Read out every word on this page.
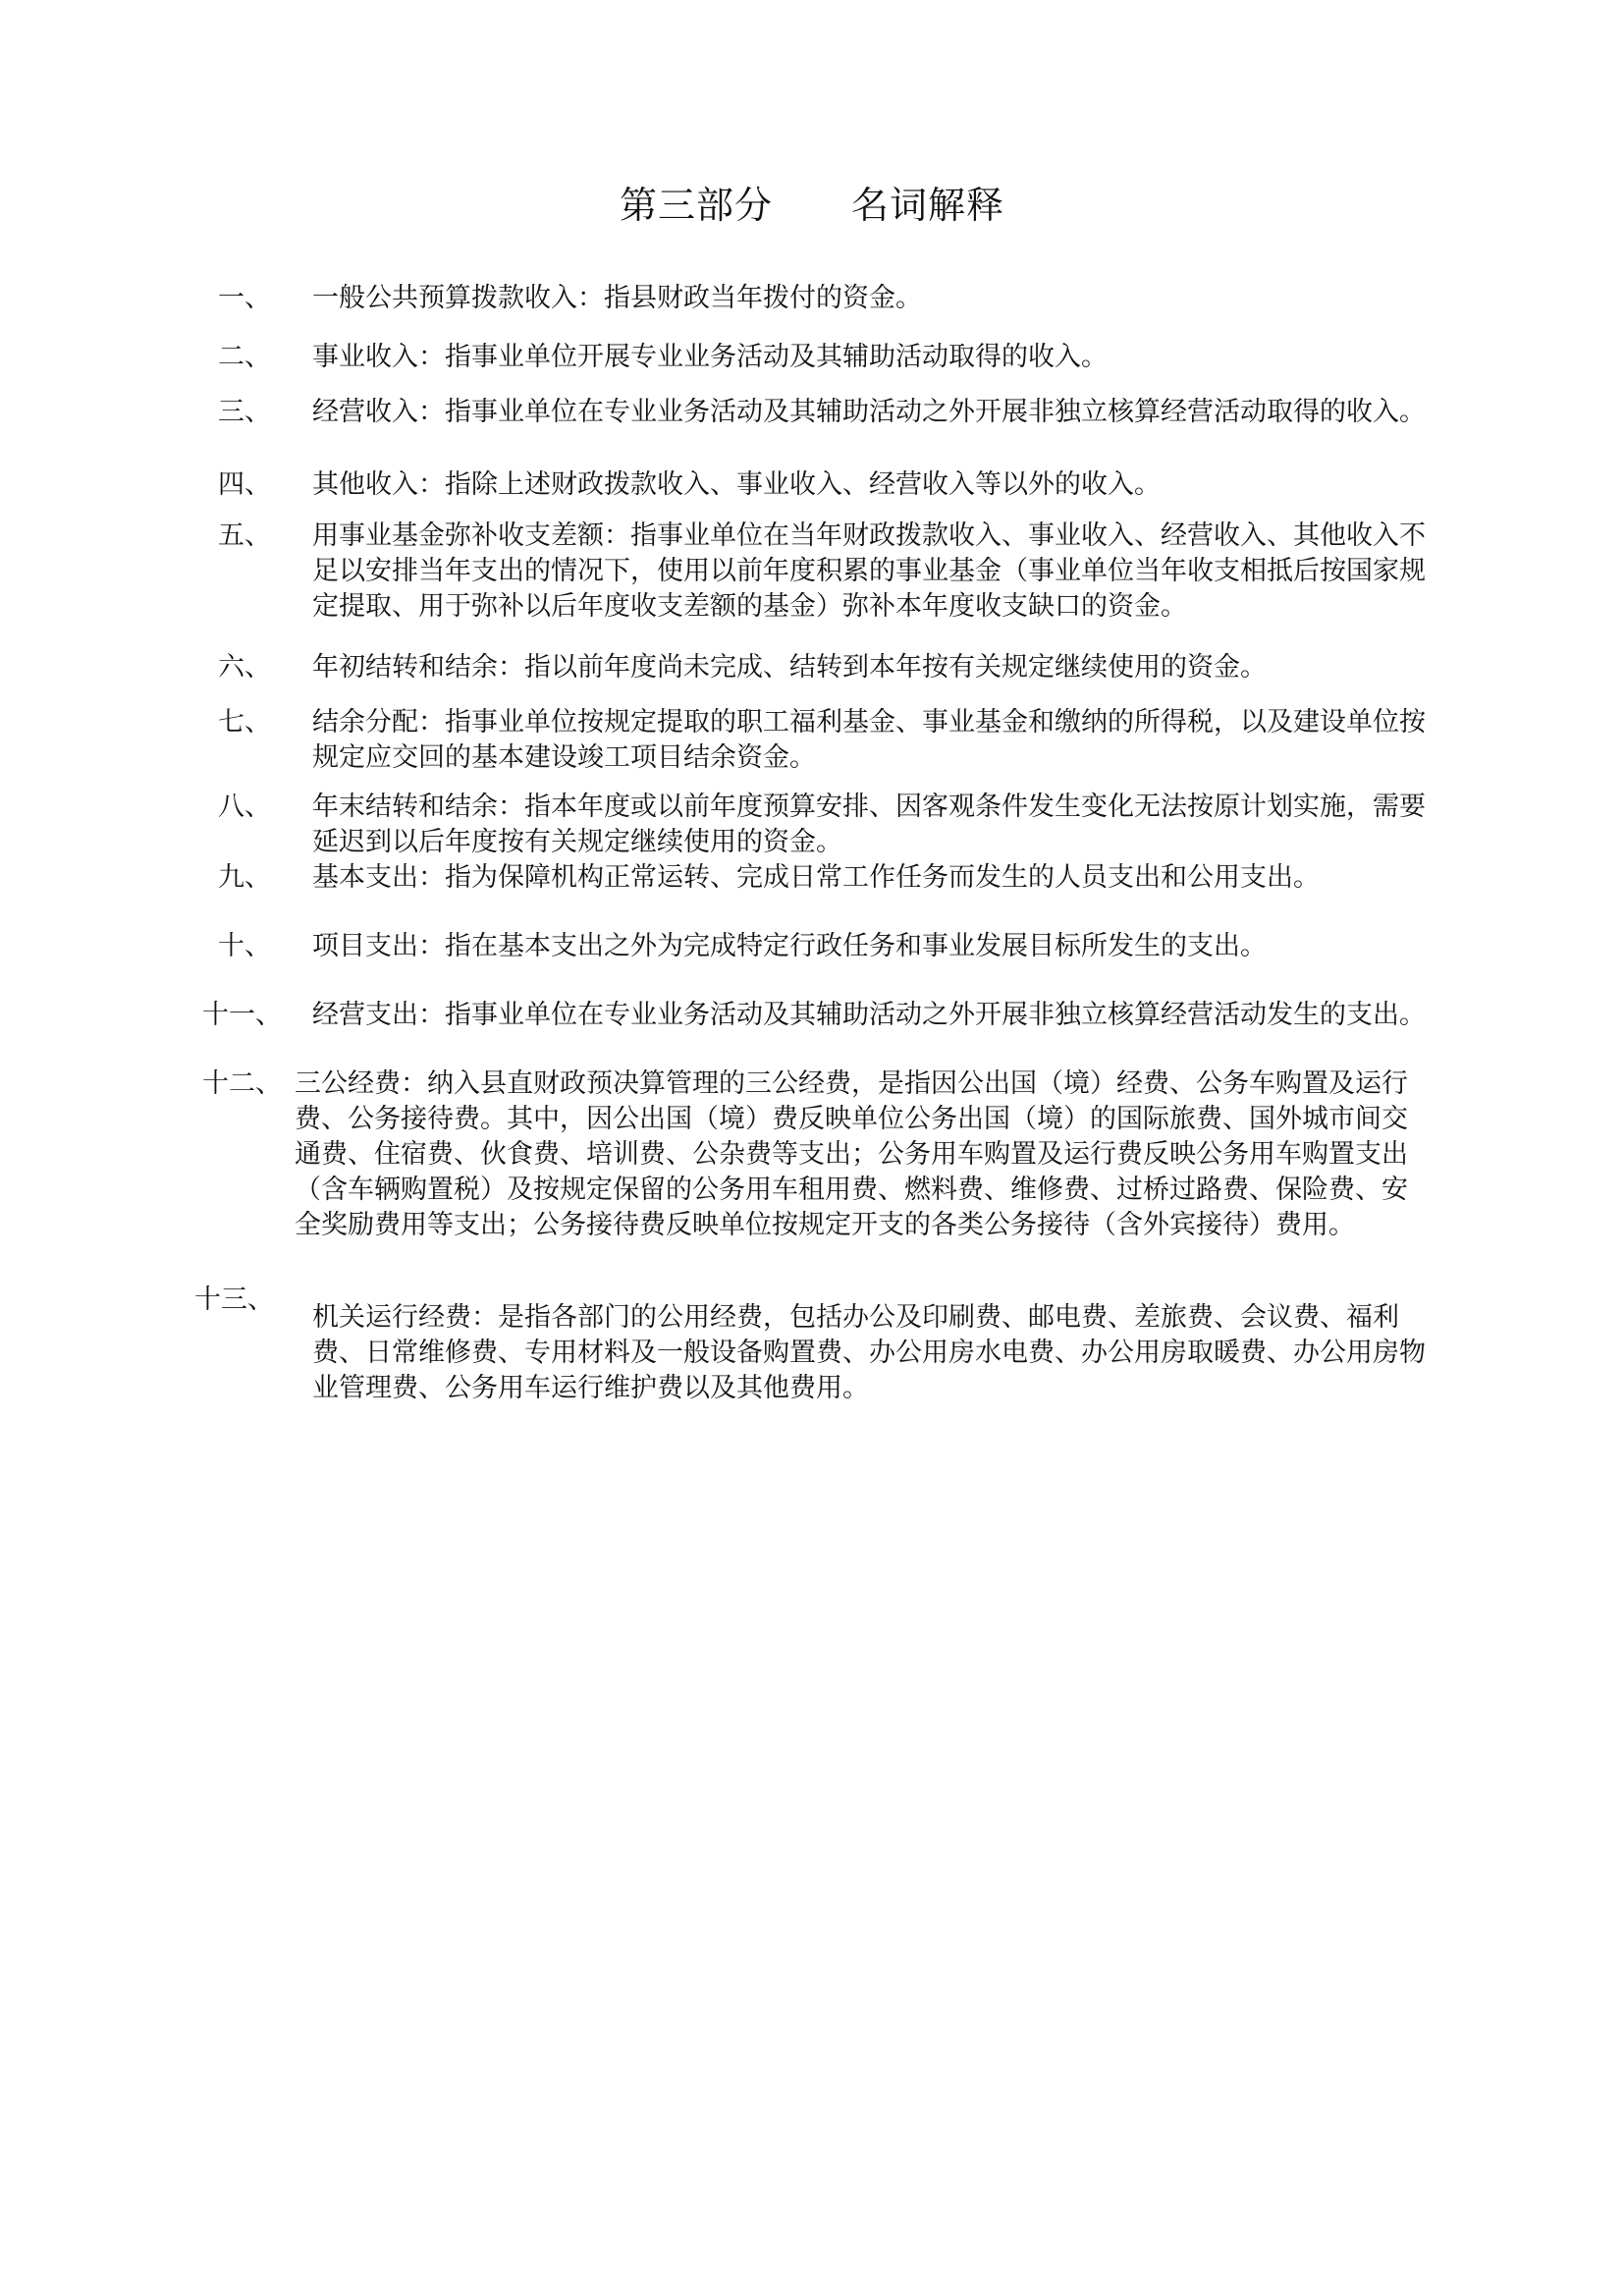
第三部分 名词解释
一、 一般公共预算拨款收入：指县财政当年拨付的资金。
二、 事业收入：指事业单位开展专业业务活动及其辅助活动取得的收入。
三、 经营收入：指事业单位在专业业务活动及其辅助活动之外开展非独立核算经营活动取得的收入。
四、 其他收入：指除上述财政拨款收入、事业收入、经营收入等以外的收入。
五、 用事业基金弥补收支差额：指事业单位在当年财政拨款收入、事业收入、经营收入、其他收入不足以安排当年支出的情况下，使用以前年度积累的事业基金（事业单位当年收支相抵后按国家规定提取、用于弥补以后年度收支差额的基金）弥补本年度收支缺口的资金。
六、 年初结转和结余：指以前年度尚未完成、结转到本年按有关规定继续使用的资金。
七、 结余分配：指事业单位按规定提取的职工福利基金、事业基金和缴纳的所得税，以及建设单位按规定应交回的基本建设竣工项目结余资金。
八、 年末结转和结余：指本年度或以前年度预算安排、因客观条件发生变化无法按原计划实施，需要延迟到以后年度按有关规定继续使用的资金。
九、 基本支出：指为保障机构正常运转、完成日常工作任务而发生的人员支出和公用支出。
十、 项目支出：指在基本支出之外为完成特定行政任务和事业发展目标所发生的支出。
十一、 经营支出：指事业单位在专业业务活动及其辅助活动之外开展非独立核算经营活动发生的支出。
十二、 三公经费：纳入县直财政预决算管理的三公经费，是指因公出国（境）经费、公务车购置及运行费、公务接待费。其中，因公出国（境）费反映单位公务出国（境）的国际旅费、国外城市间交通费、住宿费、伙食费、培训费、公杂费等支出；公务用车购置及运行费反映公务用车购置支出（含车辆购置税）及按规定保留的公务用车租用费、燃料费、维修费、过桥过路费、保险费、安全奖励费用等支出；公务接待费反映单位按规定开支的各类公务接待（含外宾接待）费用。
十三、
机关运行经费：是指各部门的公用经费，包括办公及印刷费、邮电费、差旅费、会议费、福利费、日常维修费、专用材料及一般设备购置费、办公用房水电费、办公用房取暖费、办公用房物业管理费、公务用车运行维护费以及其他费用。
